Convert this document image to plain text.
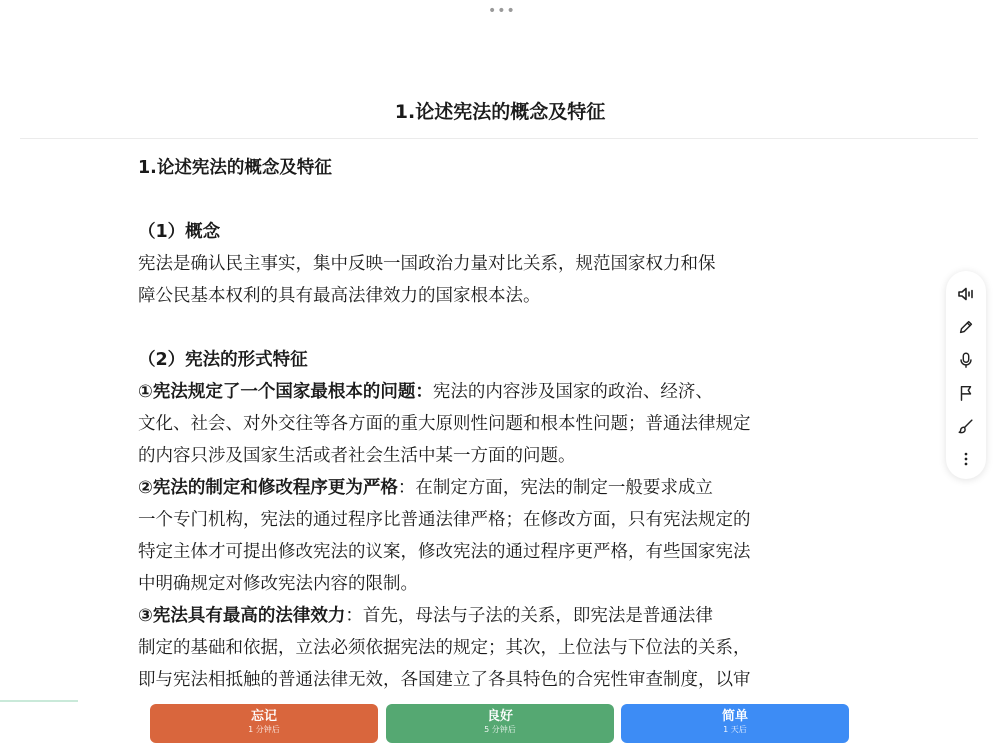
•••
1.论述宪法的概念及特征

1.论述宪法的概念及特征

（1）概念

宪法是确认民主事实，集中反映一国政治力量对比关系，规范国家权力和保

障公民基本权利的具有最高法律效力的国家根本法。

（2）宪法的形式特征

①宪法规定了一个国家最根本的问题：宪法的内容涉及国家的政治、经济、

文化、社会、对外交往等各方面的重大原则性问题和根本性问题；普通法律规定

的内容只涉及国家生活或者社会生活中某一方面的问题。

②宪法的制定和修改程序更为严格：在制定方面，宪法的制定一般要求成立

一个专门机构，宪法的通过程序比普通法律严格；在修改方面，只有宪法规定的

特定主体才可提出修改宪法的议案，修改宪法的通过程序更严格，有些国家宪法

中明确规定对修改宪法内容的限制。

③宪法具有最高的法律效力：首先，母法与子法的关系，即宪法是普通法律

制定的基础和依据，立法必须依据宪法的规定；其次，上位法与下位法的关系，

即与宪法相抵触的普通法律无效，各国建立了各具特色的合宪性审查制度，以审

忘记
1 分钟后
良好
5 分钟后
简单
1 天后
